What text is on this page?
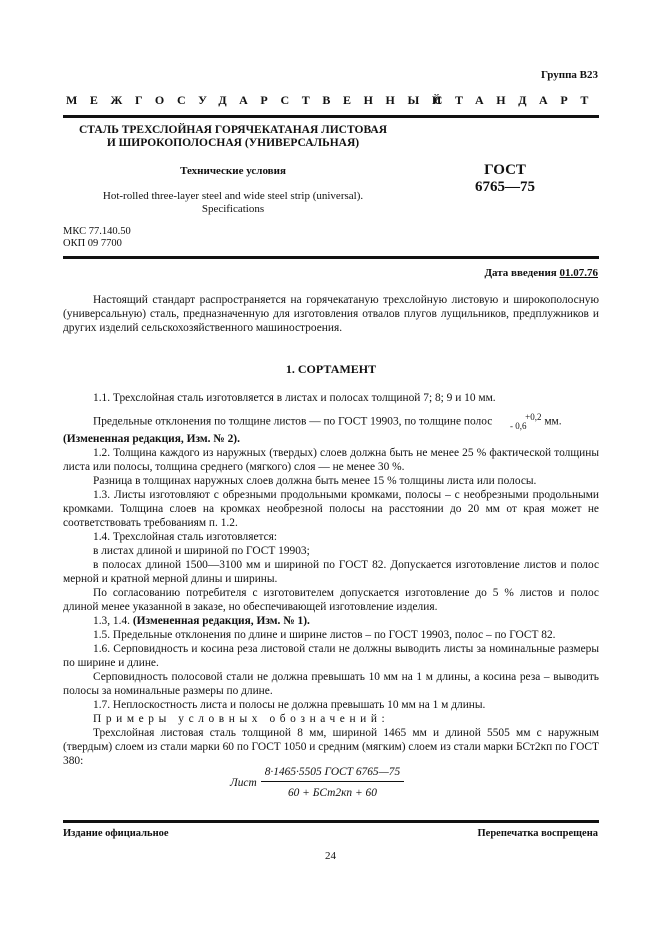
Группа В23
МЕЖГОСУДАРСТВЕННЫЙ
СТАНДАРТ
СТАЛЬ ТРЕХСЛОЙНАЯ ГОРЯЧЕКАТАНАЯ ЛИСТОВАЯ
И ШИРОКОПОЛОСНАЯ (УНИВЕРСАЛЬНАЯ)
Технические условия
Hot-rolled three-layer steel and wide steel strip (universal).
Specifications
ГОСТ
6765—75
МКС 77.140.50
ОКП 09 7700
Дата введения 01.07.76

Настоящий стандарт распространяется на горячекатаную трехслойную листовую и широкополосную (универсальную) сталь, предназначенную для изготовления отвалов плугов лущильников, предплужников и других изделий сельскохозяйственного машиностроения.

1. СОРТАМЕНТ

1.1. Трехслойная сталь изготовляется в листах и полосах толщиной 7; 8; 9 и 10 мм.

Предельные отклонения по толщине листов — по ГОСТ 19903, по толщине полос	+0,2
- 0,6 мм.

(Измененная редакция, Изм. № 2).

1.2. Толщина каждого из наружных (твердых) слоев должна быть не менее 25 % фактической толщины листа или полосы, толщина среднего (мягкого) слоя — не менее 30 %.

Разница в толщинах наружных слоев должна быть менее 15 % толщины листа или полосы.

1.3. Листы изготовляют с обрезными продольными кромками, полосы – с необрезными продольными кромками. Толщина слоев на кромках необрезной полосы на расстоянии до 20 мм от края может не соответствовать требованиям п. 1.2.

1.4. Трехслойная сталь изготовляется:

в листах длиной и шириной по ГОСТ 19903;

в полосах длиной 1500—3100 мм и шириной по ГОСТ 82. Допускается изготовление листов и полос мерной и кратной мерной длины и ширины.

По согласованию потребителя с изготовителем допускается изготовление до 5 % листов и полос длиной менее указанной в заказе, но обеспечивающей изготовление изделия.

1.3, 1.4. (Измененная редакция, Изм. № 1).

1.5. Предельные отклонения по длине и ширине листов – по ГОСТ 19903, полос – по ГОСТ 82.

1.6. Серповидность и косина реза листовой стали не должны выводить листы за номинальные размеры по ширине и длине.

Серповидность полосовой стали не должна превышать 10 мм на 1 м длины, а косина реза – выводить полосы за номинальные размеры по длине.

1.7. Неплоскостность листа и полосы не должна превышать 10 мм на 1 м длины.

Примеры условных обозначений:

Трехслойная листовая сталь толщиной 8 мм, шириной 1465 мм и длиной 5505 мм с наружным (твердым) слоем из стали марки 60 по ГОСТ 1050 и средним (мягким) слоем из стали марки БСт2кп по ГОСТ 380:

Лист $\frac{\text{8·1465·5505 ГОСТ 6765—75}}{\text{60 + БСт2кп + 60}}$
Издание официальное	Перепечатка воспрещена
24
